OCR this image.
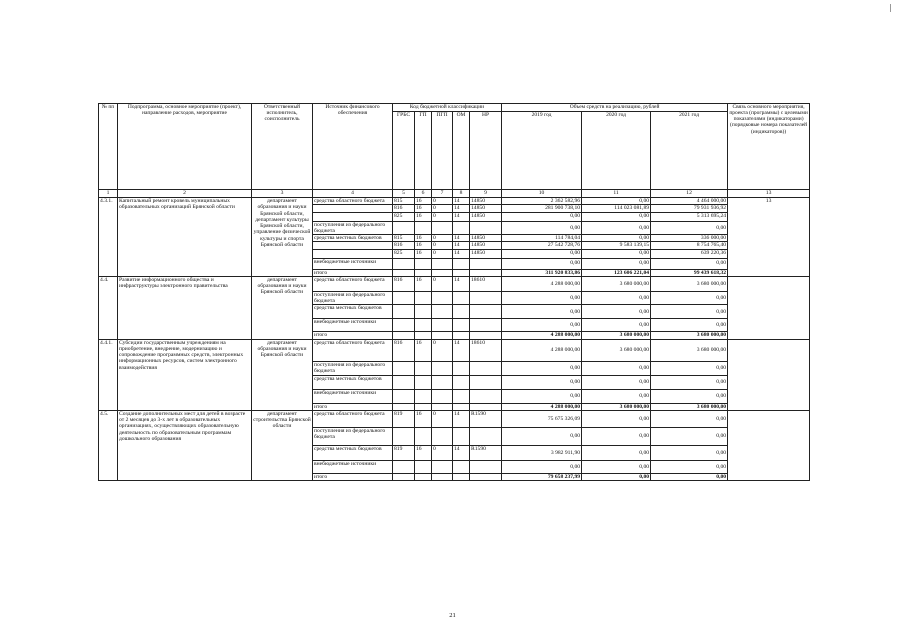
№ пп	Подпрограмма, основное мероприятие (проект), направление расходов, мероприятие	Ответственный исполнитель, соисполнитель	Источник финансового обеспечения	Код бюджетной классификации					Объем средств на реализацию, рублей			Связь основного мероприятия, проекта (программы) с целевыми показателями (индикаторами) (порядковые номера показателей (индикаторов))
				ГРБС	ГП	ПГП	ОМ	НР	2019 год	2020 год	2021 год	
1	2	3	4	5	6	7	8	9	10	11	12	13
4.3.1.	Капитальный ремонт кровель муниципальных образовательных организаций Брянской области	департамент образования и науки Брянской области, департамент культуры Брянской области, управление физической культуры и спорта Брянской области	средства областного бюджета	815	16	0	14	14850	2 362 582,96	0,00	4 464 000,00	13
				816	16	0	14	14850	281 900 738,10	114 023 081,89	79 931 936,92	
				825	16	0	14	14850	0,00	0,00	5 313 695,24	
			поступления из федерального бюджета						0,00	0,00	0,00	
			средства местных бюджетов	815	16	0	14	14850	114 784,04	0,00	336 000,00	
				816	16	0	14	14850	27 542 728,76	9 583 139,15	8 754 765,40	
				825	16	0	14	14850	0,00	0,00	639 220,36	
			внебюджетные источники						0,00	0,00	0,00	
			итого						311 920 833,86	123 606 221,04	99 439 618,32	
4.4.	Развитие информационного общества и инфраструктуры электронного правительства	департамент образования и науки Брянской области	средства областного бюджета	816	16	0	14	18610	4 288 000,00	3 680 000,00	3 680 000,00	
			поступления из федерального бюджета						0,00	0,00	0,00	
			средства местных бюджетов						0,00	0,00	0,00	
			внебюджетные источники						0,00	0,00	0,00	
			итого						4 288 000,00	3 680 000,00	3 680 000,00	
4.4.1.	Субсидии государственным учреждениям на приобретение, внедрение, модернизацию и сопровождение программных средств, электронных информационных ресурсов, систем электронного взаимодействия	департамент образования и науки Брянской области	средства областного бюджета	816	16	0	14	18610	4 288 000,00	3 680 000,00	3 680 000,00	
			поступления из федерального бюджета						0,00	0,00	0,00	
			средства местных бюджетов						0,00	0,00	0,00	
			внебюджетные источники						0,00	0,00	0,00	
			итого						4 288 000,00	3 680 000,00	3 680 000,00	
4.5.	Создание дополнительных мест для детей в возрасте от 2 месяцев до 3-х лет в образовательных организациях, осуществляющих образовательную деятельность по образовательным программам дошкольного образования	департамент строительства Брянской области	средства областного бюджета	819	16	0	14	R1590	75 675 326,09	0,00	0,00	
			поступления из федерального бюджета						0,00	0,00	0,00	
			средства местных бюджетов	819	16	0	14	R1590	3 982 911,90	0,00	0,00	
			внебюджетные источники						0,00	0,00	0,00	
			итого						79 658 237,99	0,00	0,00	
21
